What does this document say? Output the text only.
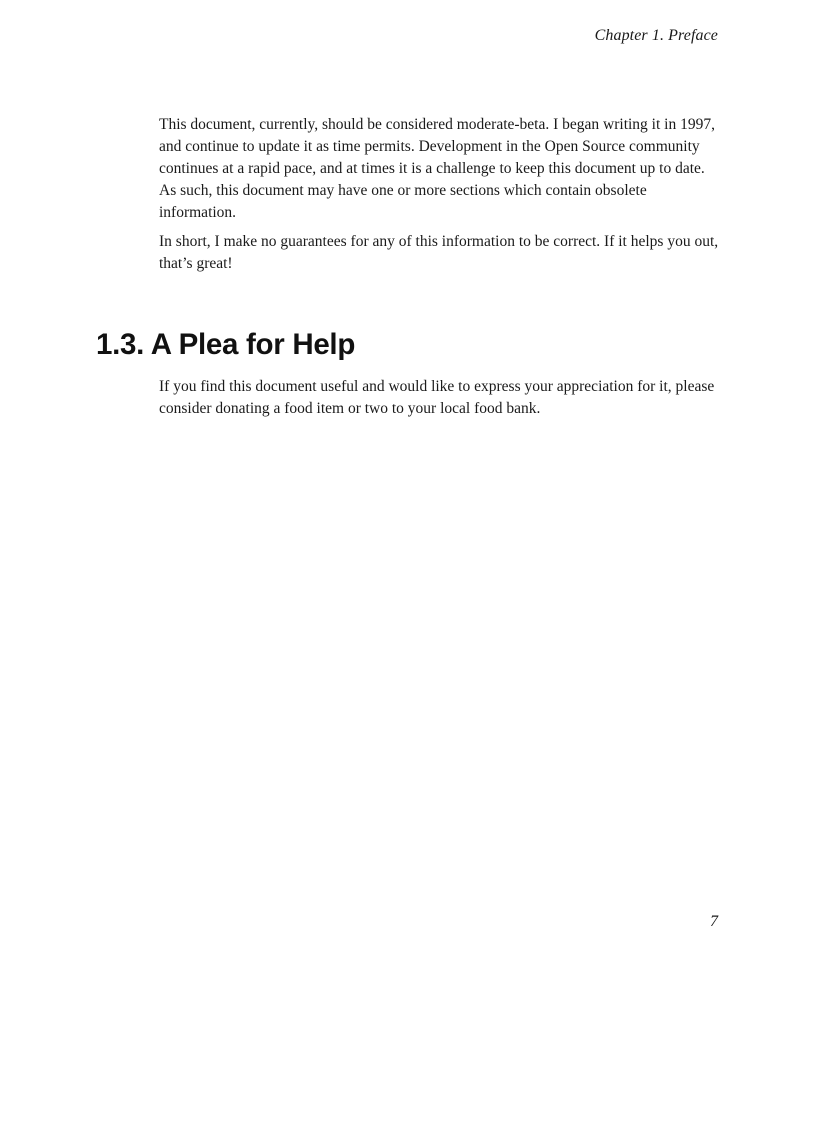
Chapter 1. Preface

This document, currently, should be considered moderate-beta. I began writing it in 1997, and continue to update it as time permits. Development in the Open Source community continues at a rapid pace, and at times it is a challenge to keep this document up to date. As such, this document may have one or more sections which contain obsolete information.

In short, I make no guarantees for any of this information to be correct. If it helps you out, that’s great!

1.3. A Plea for Help

If you find this document useful and would like to express your appreciation for it, please consider donating a food item or two to your local food bank.

7
